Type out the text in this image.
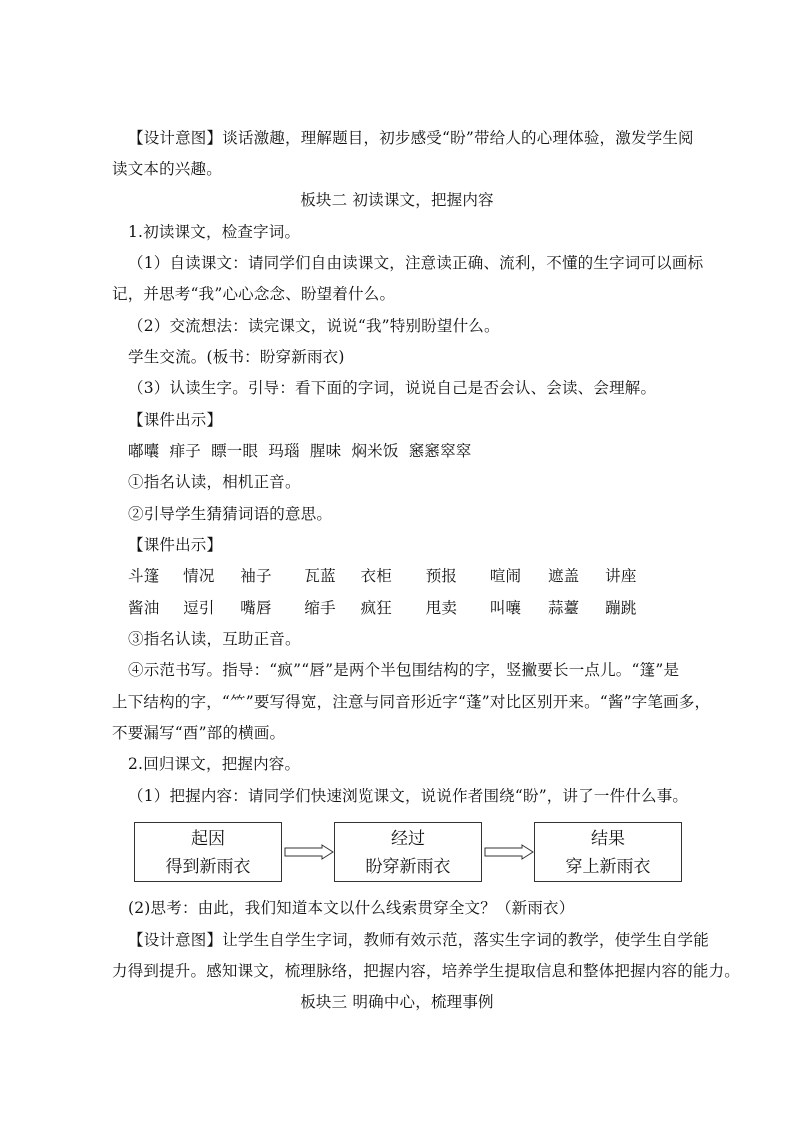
【设计意图】谈话激趣，理解题目，初步感受“盼”带给人的心理体验，激发学生阅
读文本的兴趣。
板块二 初读课文，把握内容
1.初读课文，检查字词。
（1）自读课文：请同学们自由读课文，注意读正确、流利，不懂的生字词可以画标
记，并思考“我”心心念念、盼望着什么。
（2）交流想法：读完课文，说说“我”特别盼望什么。
学生交流。(板书：盼穿新雨衣)
（3）认读生字。引导：看下面的字词，说说自己是否会认、会读、会理解。
【课件出示】
嘟囔 痱子 瞟一眼 玛瑙 腥味 焖米饭 窸窸窣窣
①指名认读，相机正音。
②引导学生猜猜词语的意思。
【课件出示】
斗篷 情况 袖子 瓦蓝 衣柜 预报 喧闹 遮盖 讲座
酱油 逗引 嘴唇 缩手 疯狂 甩卖 叫嚷 蒜薹 蹦跳
③指名认读，互助正音。
④示范书写。指导：“疯”“唇”是两个半包围结构的字，竖撇要长一点儿。“篷”是
上下结构的字，“⺮”要写得宽，注意与同音形近字“蓬”对比区别开来。“酱”字笔画多，
不要漏写“酉”部的横画。
2.回归课文，把握内容。
（1）把握内容：请同学们快速浏览课文，说说作者围绕“盼”，讲了一件什么事。
起因
得到新雨衣
经过
盼穿新雨衣
结果
穿上新雨衣
(2)思考：由此，我们知道本文以什么线索贯穿全文？（新雨衣）
【设计意图】让学生自学生字词，教师有效示范，落实生字词的教学，使学生自学能
力得到提升。感知课文，梳理脉络，把握内容，培养学生提取信息和整体把握内容的能力。
板块三 明确中心，梳理事例
